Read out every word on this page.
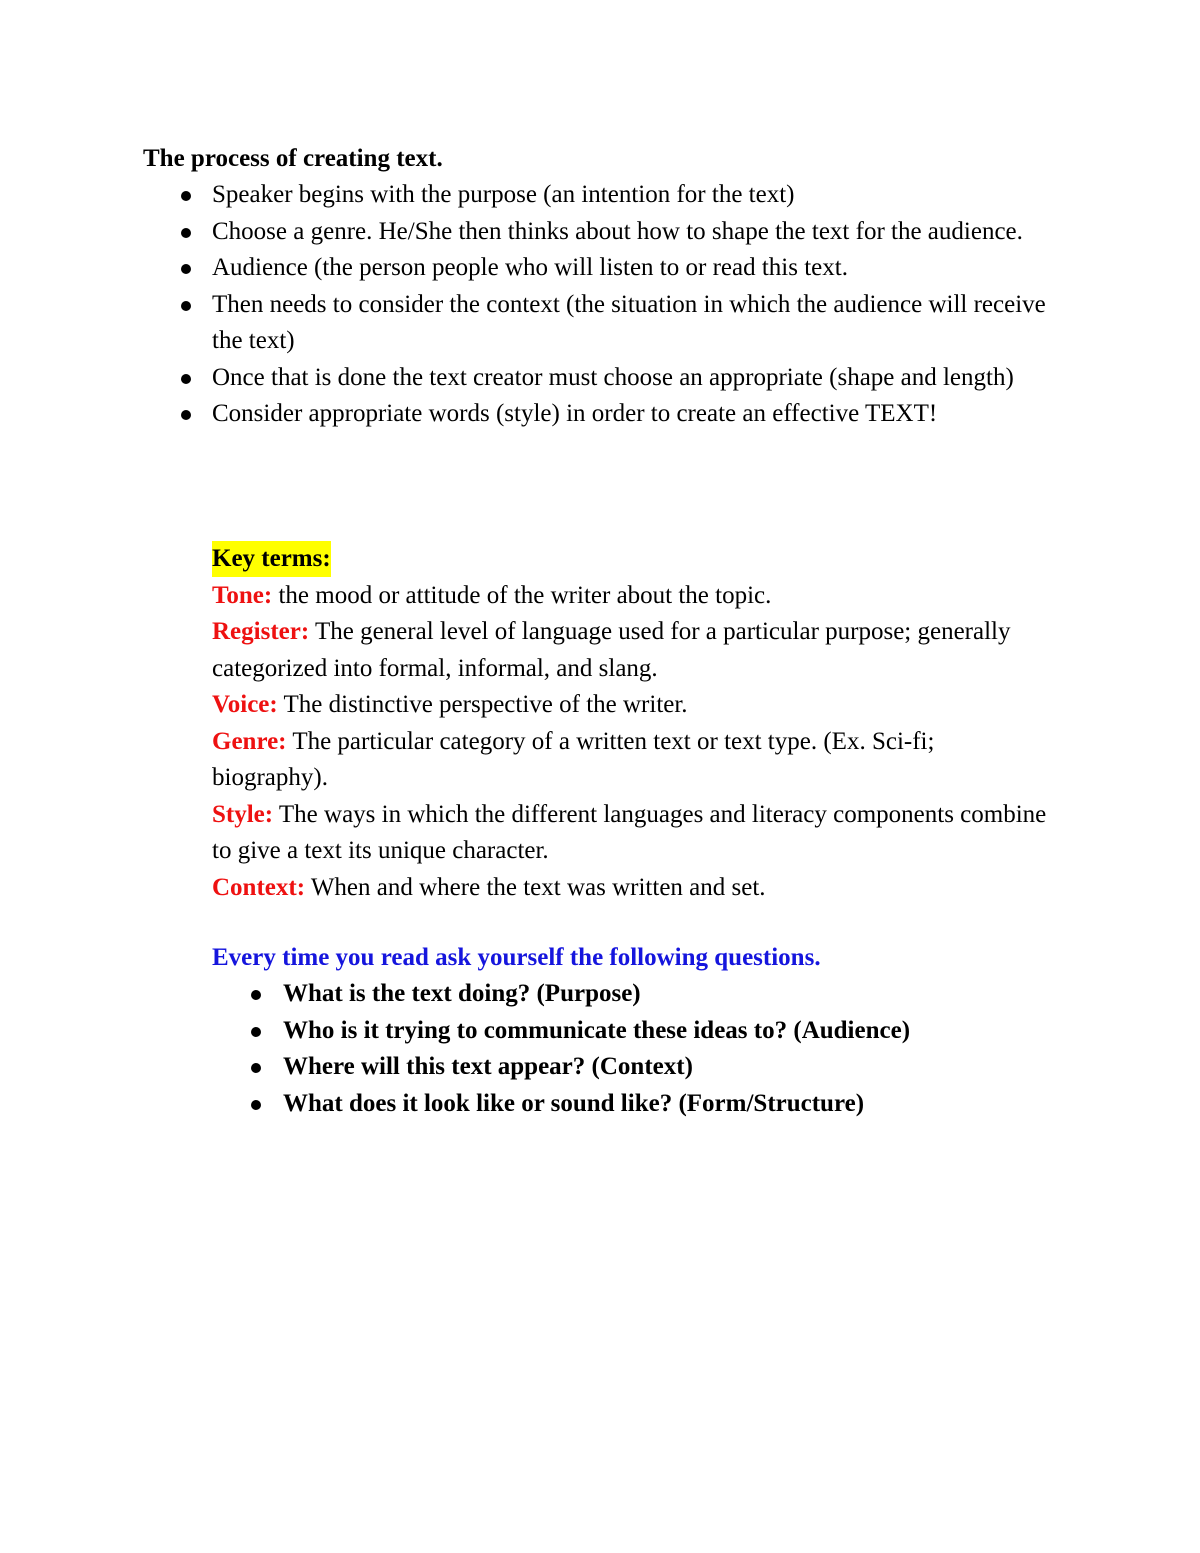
The process of creating text.
Speaker begins with the purpose (an intention for the text)
Choose a genre. He/She then thinks about how to shape the text for the audience.
Audience (the person people who will listen to or read this text.
Then needs to consider the context (the situation in which the audience will receive the text)
Once that is done the text creator must choose an appropriate (shape and length)
Consider appropriate words (style) in order to create an effective TEXT!
Key terms:

Tone: the mood or attitude of the writer about the topic.

Register: The general level of language used for a particular purpose; generally categorized into formal, informal, and slang.

Voice: The distinctive perspective of the writer.

Genre: The particular category of a written text or text type. (Ex. Sci-fi; biography).

Style: The ways in which the different languages and literacy components combine to give a text its unique character.

Context: When and where the text was written and set.

Every time you read ask yourself the following questions.
What is the text doing? (Purpose)
Who is it trying to communicate these ideas to? (Audience)
Where will this text appear? (Context)
What does it look like or sound like? (Form/Structure)
